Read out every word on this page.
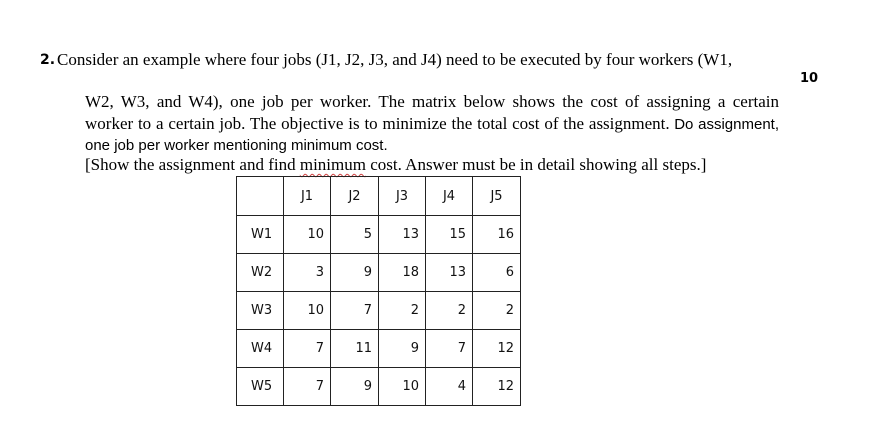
2. Consider an example where four jobs (J1, J2, J3, and J4) need to be executed by four workers (W1,
10
W2, W3, and W4), one job per worker. The matrix below shows the cost of assigning a certain worker to a certain job. The objective is to minimize the total cost of the assignment. Do assignment, one job per worker mentioning minimum cost.
[Show the assignment and find minimum cost. Answer must be in detail showing all steps.]
	J1	J2	J3	J4	J5
W1	10	5	13	15	16
W2	3	9	18	13	6
W3	10	7	2	2	2
W4	7	11	9	7	12
W5	7	9	10	4	12
